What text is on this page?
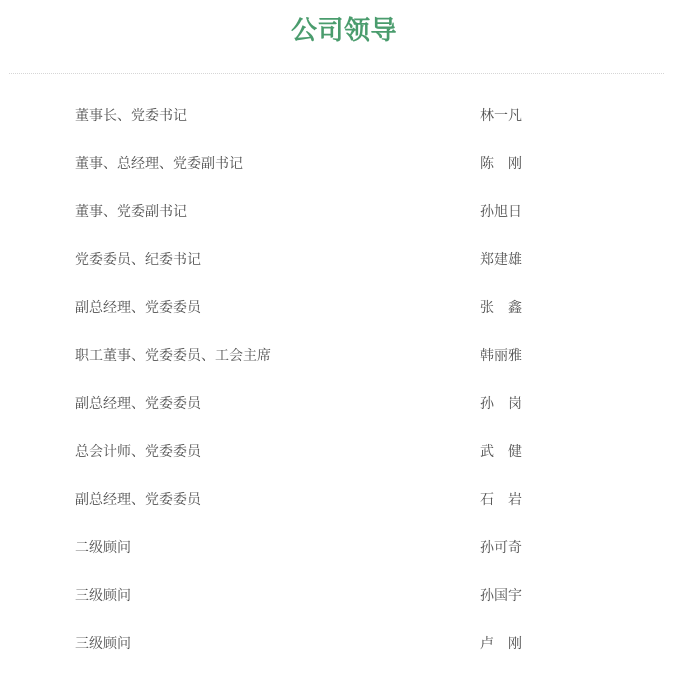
公司领导
董事长、党委书记	林一凡
董事、总经理、党委副书记	陈　刚
董事、党委副书记	孙旭日
党委委员、纪委书记	郑建雄
副总经理、党委委员	张　鑫
职工董事、党委委员、工会主席	韩丽雅
副总经理、党委委员	孙　岗
总会计师、党委委员	武　健
副总经理、党委委员	石　岩
二级顾问	孙可奇
三级顾问	孙国宇
三级顾问	卢　刚
